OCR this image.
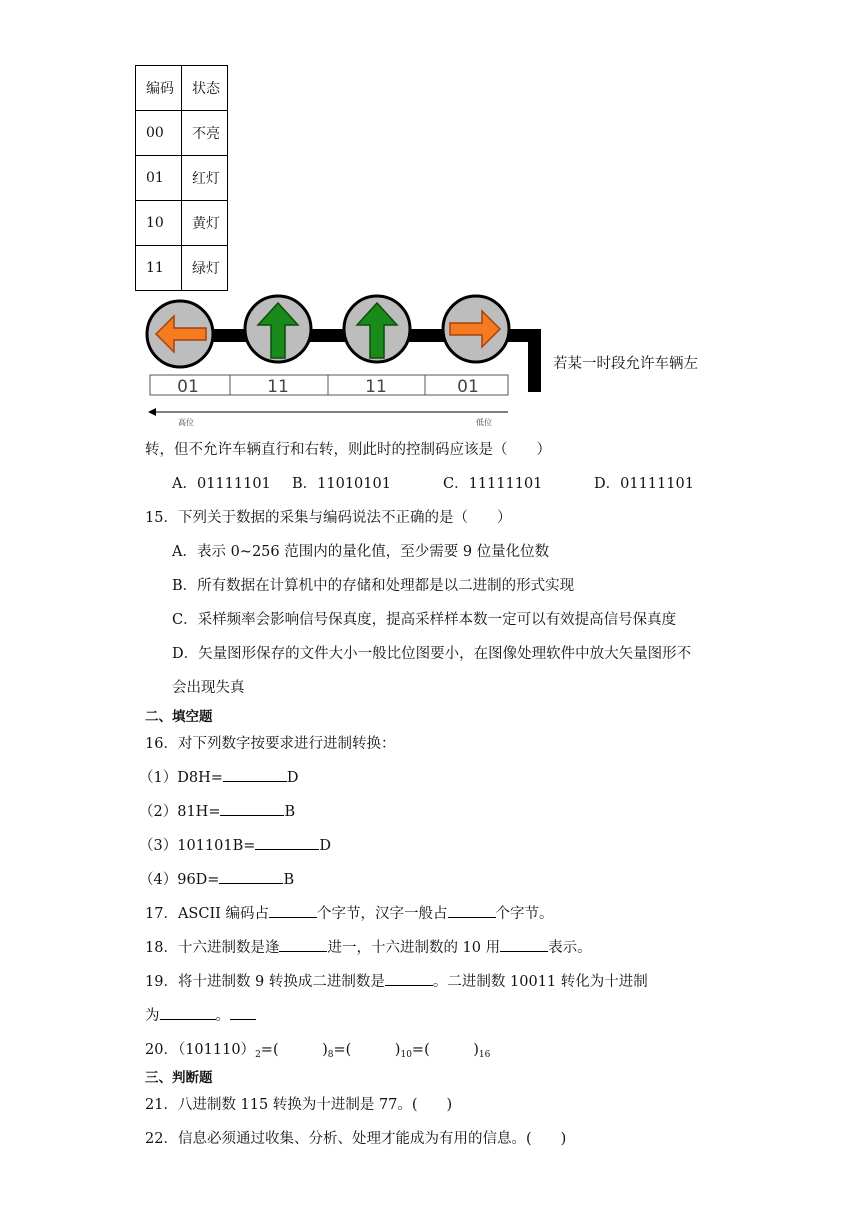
编码	状态
00	不亮
01	红灯
10	黄灯
11	绿灯
01	11	11	01
高位	低位
若某一时段允许车辆左
转，但不允许车辆直行和右转，则此时的控制码应该是（　　）
A．01111101 B．11010101	C．11111101	D．01111101
15．下列关于数据的采集与编码说法不正确的是（　　）
A．表示 0~256 范围内的量化值，至少需要 9 位量化位数
B．所有数据在计算机中的存储和处理都是以二进制的形式实现
C．采样频率会影响信号保真度，提高采样样本数一定可以有效提高信号保真度
D．矢量图形保存的文件大小一般比位图要小，在图像处理软件中放大矢量图形不
会出现失真
二、填空题
16．对下列数字按要求进行进制转换：
（1）D8H=	D
（2）81H=	B
（3）101101B=	D
（4）96D=	B
17．ASCII 编码占	个字节，汉字一般占	个字节。
18．十六进制数是逢	进一，十六进制数的 10 用	表示。
19．将十进制数 9 转换成二进制数是	。二进制数 10011 转化为十进制
为	。
20．$(101110)_2=$(　　　)$_8=$(　　　)$_{10}=$(　　　)$_{16}$
三、判断题
21．八进制数 115 转换为十进制是 77。(　　)
22．信息必须通过收集、分析、处理才能成为有用的信息。(　　)
